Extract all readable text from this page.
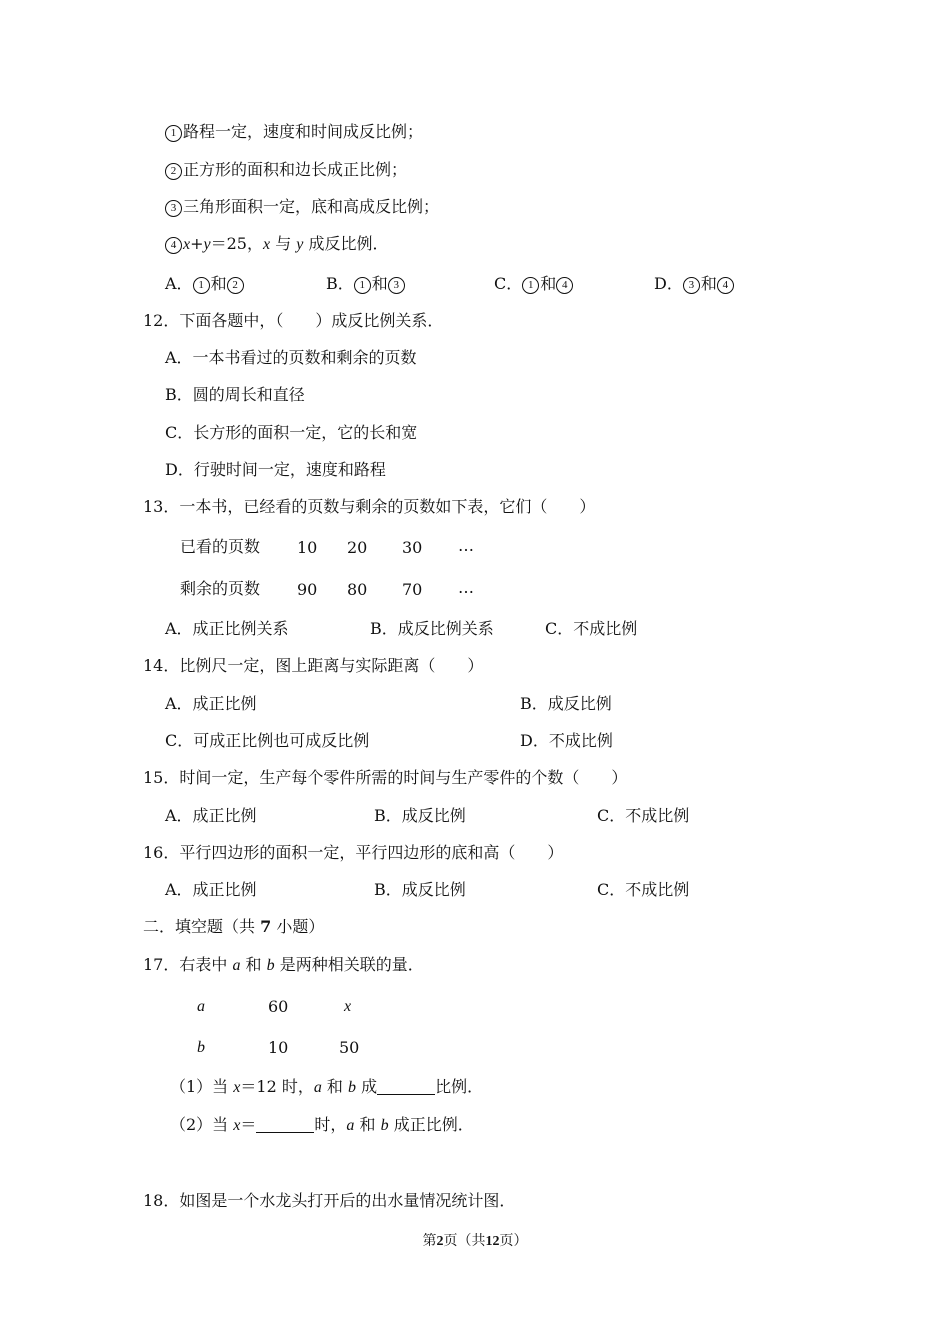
1 路程一定，速度和时间成反比例；
2 正方形的面积和边长成正比例；
3 三角形面积一定，底和高成反比例；
4 x+y＝25，x 与 y 成反比例．
A． 1 和 2	B． 1 和 3	C． 1 和 4	D． 3 和 4
12．下面各题中，（　　）成反比例关系．
A．一本书看过的页数和剩余的页数
B．圆的周长和直径
C．长方形的面积一定，它的长和宽
D．行驶时间一定，速度和路程
13．一本书，已经看的页数与剩余的页数如下表，它们（　　）
已看的页数 10 20 30 …
剩余的页数 90 80 70 …
A．成正比例关系	B．成反比例关系	C．不成比例
14．比例尺一定，图上距离与实际距离（　　）
A．成正比例	B．成反比例
C．可成正比例也可成反比例	D．不成比例
15．时间一定，生产每个零件所需的时间与生产零件的个数（　　）
A．成正比例	B．成反比例	C．不成比例
16．平行四边形的面积一定，平行四边形的底和高（　　）
A．成正比例	B．成反比例	C．不成比例
二．填空题（共 7 小题）
17．右表中 a 和 b 是两种相关联的量．
a	60	x
b	10	50
（1）当 x＝12 时，a 和 b 成	比例．
（2）当 x＝	时，a 和 b 成正比例．
18．如图是一个水龙头打开后的出水量情况统计图．
第2页（共12页）
